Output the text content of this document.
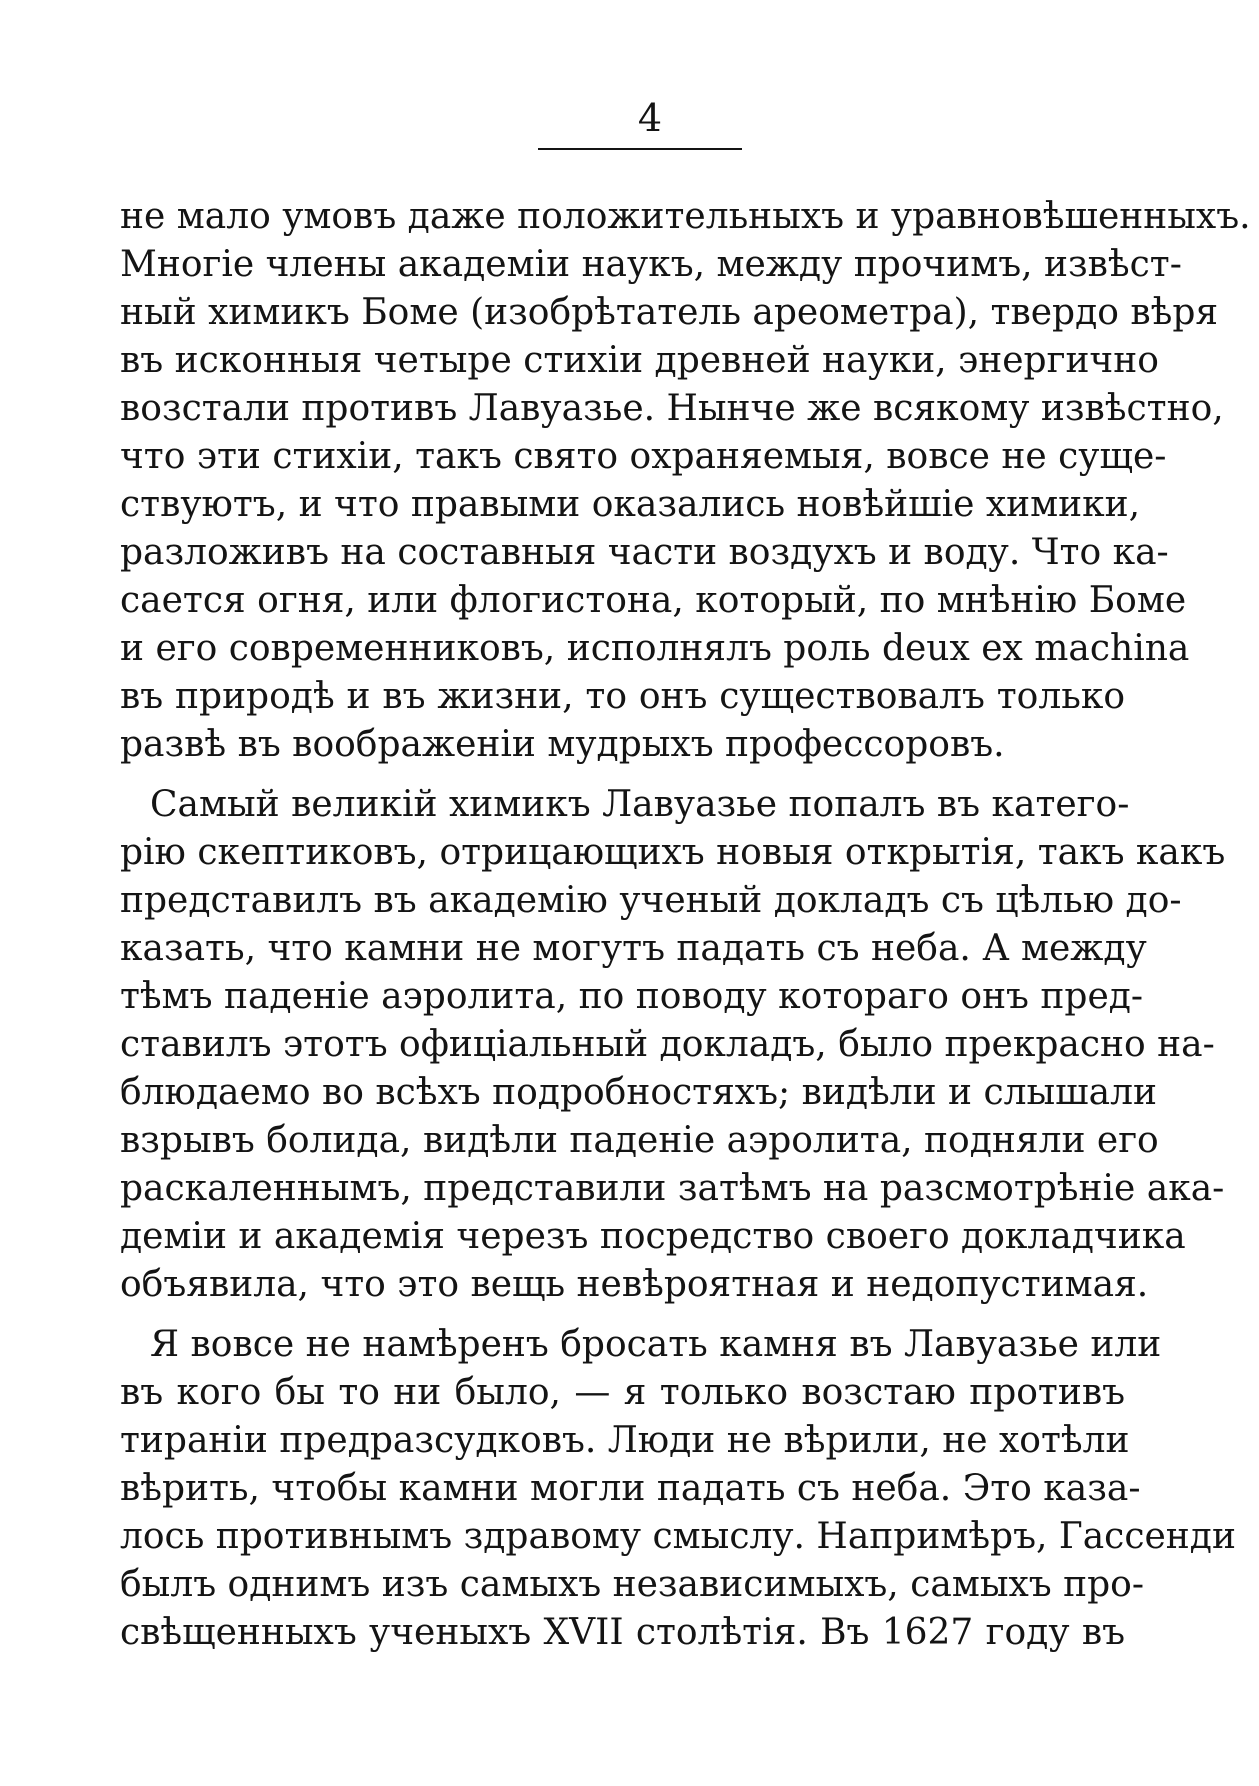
4
не мало умовъ даже положительныхъ и уравновѣшенныхъ.
Многіе члены академіи наукъ, между прочимъ, извѣст-
ный химикъ Боме (изобрѣтатель ареометра), твердо вѣря
въ исконныя четыре стихіи древней науки, энергично
возстали противъ Лавуазье. Нынче же всякому извѣстно,
что эти стихіи, такъ свято охраняемыя, вовсе не суще-
ствуютъ, и что правыми оказались новѣйшіе химики,
разложивъ на составныя части воздухъ и воду. Что ка-
сается огня, или флогистона, который, по мнѣнію Боме
и его современниковъ, исполнялъ роль deux ex machina
въ природѣ и въ жизни, то онъ существовалъ только
развѣ въ воображеніи мудрыхъ профессоровъ.
Самый великій химикъ Лавуазье попалъ въ катего-
рію скептиковъ, отрицающихъ новыя открытія, такъ какъ
представилъ въ академію ученый докладъ съ цѣлью до-
казать, что камни не могутъ падать съ неба. А между
тѣмъ паденіе аэролита, по поводу котораго онъ пред-
ставилъ этотъ офиціальный докладъ, было прекрасно на-
блюдаемо во всѣхъ подробностяхъ; видѣли и слышали
взрывъ болида, видѣли паденіе аэролита, подняли его
раскаленнымъ, представили затѣмъ на разсмотрѣніе ака-
деміи и академія черезъ посредство своего докладчика
объявила, что это вещь невѣроятная и недопустимая.
Я вовсе не намѣренъ бросать камня въ Лавуазье или
въ кого бы то ни было, — я только возстаю противъ
тираніи предразсудковъ. Люди не вѣрили, не хотѣли
вѣрить, чтобы камни могли падать съ неба. Это каза-
лось противнымъ здравому смыслу. Напримѣръ, Гассенди
былъ однимъ изъ самыхъ независимыхъ, самыхъ про-
свѣщенныхъ ученыхъ XVII столѣтія. Въ 1627 году въ
